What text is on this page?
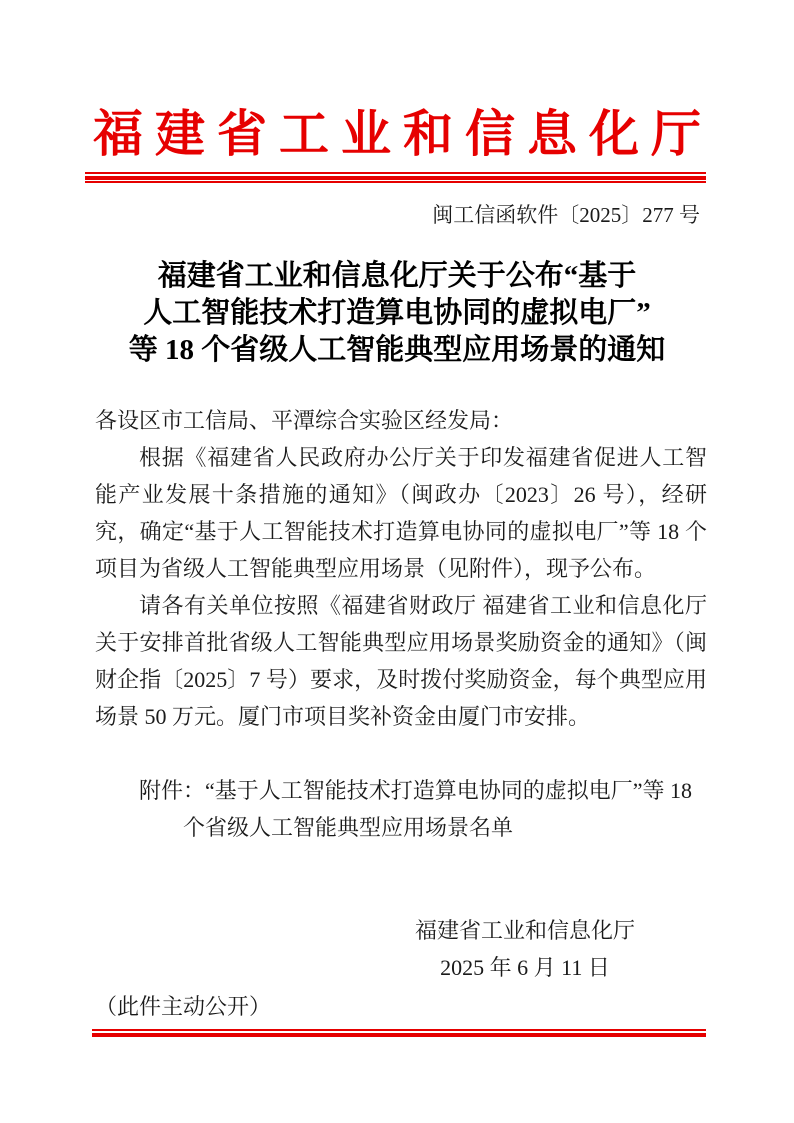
福建省工业和信息化厅
闽工信函软件〔2025〕277 号
福建省工业和信息化厅关于公布“基于
人工智能技术打造算电协同的虚拟电厂”
等 18 个省级人工智能典型应用场景的通知

各设区市工信局、平潭综合实验区经发局：

根据《福建省人民政府办公厅关于印发福建省促进人工智能产业发展十条措施的通知》（闽政办〔2023〕26 号），经研究，确定“基于人工智能技术打造算电协同的虚拟电厂”等 18 个项目为省级人工智能典型应用场景（见附件），现予公布。

请各有关单位按照《福建省财政厅 福建省工业和信息化厅关于安排首批省级人工智能典型应用场景奖励资金的通知》（闽财企指〔2025〕7 号）要求，及时拨付奖励资金，每个典型应用场景 50 万元。厦门市项目奖补资金由厦门市安排。

附件：“基于人工智能技术打造算电协同的虚拟电厂”等 18
个省级人工智能典型应用场景名单
福建省工业和信息化厅
2025 年 6 月 11 日
（此件主动公开）
